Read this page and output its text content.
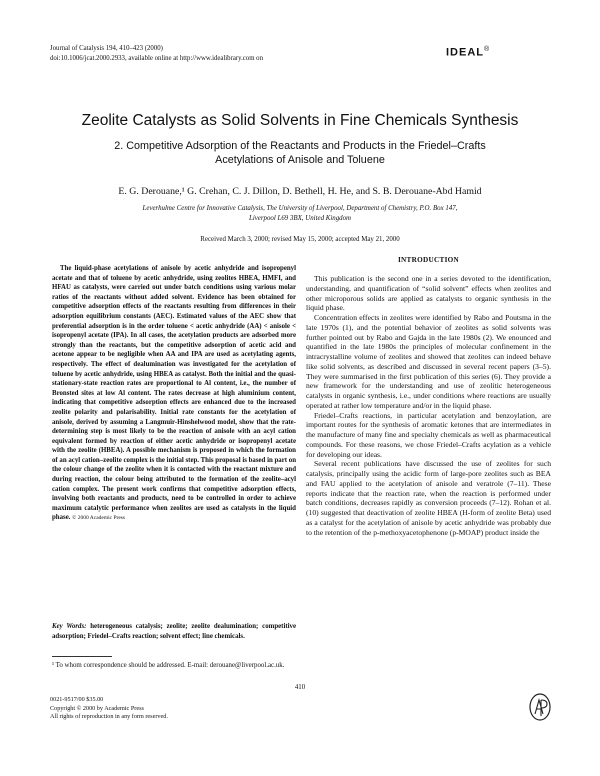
Journal of Catalysis 194, 410–423 (2000)
doi:10.1006/jcat.2000.2933, available online at http://www.idealibrary.com on	IDEAL®
Zeolite Catalysts as Solid Solvents in Fine Chemicals Synthesis
2. Competitive Adsorption of the Reactants and Products in the Friedel–Crafts Acetylations of Anisole and Toluene
E. G. Derouane,¹ G. Crehan, C. J. Dillon, D. Bethell, H. He, and S. B. Derouane-Abd Hamid
Leverhulme Centre for Innovative Catalysis, The University of Liverpool, Department of Chemistry, P.O. Box 147,
Liverpool L69 3BX, United Kingdom
Received March 3, 2000; revised May 15, 2000; accepted May 21, 2000
The liquid-phase acetylations of anisole by acetic anhydride and isopropenyl acetate and that of toluene by acetic anhydride, using zeolites HBEA, HMFI, and HFAU as catalysts, were carried out under batch conditions using various molar ratios of the reactants without added solvent. Evidence has been obtained for competitive adsorption effects of the reactants resulting from differences in their adsorption equilibrium constants (AEC). Estimated values of the AEC show that preferential adsorption is in the order toluene < acetic anhydride (AA) < anisole < isopropenyl acetate (IPA). In all cases, the acetylation products are adsorbed more strongly than the reactants, but the competitive adsorption of acetic acid and acetone appear to be negligible when AA and IPA are used as acetylating agents, respectively. The effect of dealumination was investigated for the acetylation of toluene by acetic anhydride, using HBEA as catalyst. Both the initial and the quasi-stationary-state reaction rates are proportional to Al content, i.e., the number of Bronsted sites at low Al content. The rates decrease at high aluminium content, indicating that competitive adsorption effects are enhanced due to the increased zeolite polarity and polarisability. Initial rate constants for the acetylation of anisole, derived by assuming a Langmuir-Hinshelwood model, show that the rate-determining step is most likely to be the reaction of anisole with an acyl cation equivalent formed by reaction of either acetic anhydride or isopropenyl acetate with the zeolite (HBEA). A possible mechanism is proposed in which the formation of an acyl cation–zeolite complex is the initial step. This proposal is based in part on the colour change of the zeolite when it is contacted with the reactant mixture and during reaction, the colour being attributed to the formation of the zeolite–acyl cation complex. The present work confirms that competitive adsorption effects, involving both reactants and products, need to be controlled in order to achieve maximum catalytic performance when zeolites are used as catalysts in the liquid phase. © 2000 Academic Press
Key Words: heterogeneous catalysis; zeolite; zeolite dealumination; competitive adsorption; Friedel–Crafts reaction; solvent effect; line chemicals.
¹ To whom correspondence should be addressed. E-mail: derouane@liverpool.ac.uk.
INTRODUCTION

This publication is the second one in a series devoted to the identification, understanding, and quantification of “solid solvent” effects when zeolites and other microporous solids are applied as catalysts to organic synthesis in the liquid phase.

Concentration effects in zeolites were identified by Rabo and Poutsma in the late 1970s (1), and the potential behavior of zeolites as solid solvents was further pointed out by Rabo and Gajda in the late 1980s (2). We enounced and quantified in the late 1980s the principles of molecular confinement in the intracrystalline volume of zeolites and showed that zeolites can indeed behave like solid solvents, as described and discussed in several recent papers (3–5). They were summarised in the first publication of this series (6). They provide a new framework for the understanding and use of zeolitic heterogeneous catalysts in organic synthesis, i.e., under conditions where reactions are usually operated at rather low temperature and/or in the liquid phase.

Friedel–Crafts reactions, in particular acetylation and benzoylation, are important routes for the synthesis of aromatic ketones that are intermediates in the manufacture of many fine and specialty chemicals as well as pharmaceutical compounds. For these reasons, we chose Friedel–Crafts acylation as a vehicle for developing our ideas.

Several recent publications have discussed the use of zeolites for such catalysis, principally using the acidic form of large-pore zeolites such as BEA and FAU applied to the acetylation of anisole and veratrole (7–11). These reports indicate that the reaction rate, when the reaction is performed under batch conditions, decreases rapidly as conversion proceeds (7–12). Rohan et al. (10) suggested that deactivation of zeolite HBEA (H-form of zeolite Beta) used as a catalyst for the acetylation of anisole by acetic anhydride was probably due to the retention of the p-methoxyacetophenone (p-MOAP) product inside the

410
0021-9517/00 $35.00
Copyright © 2000 by Academic Press
All rights of reproduction in any form reserved.
